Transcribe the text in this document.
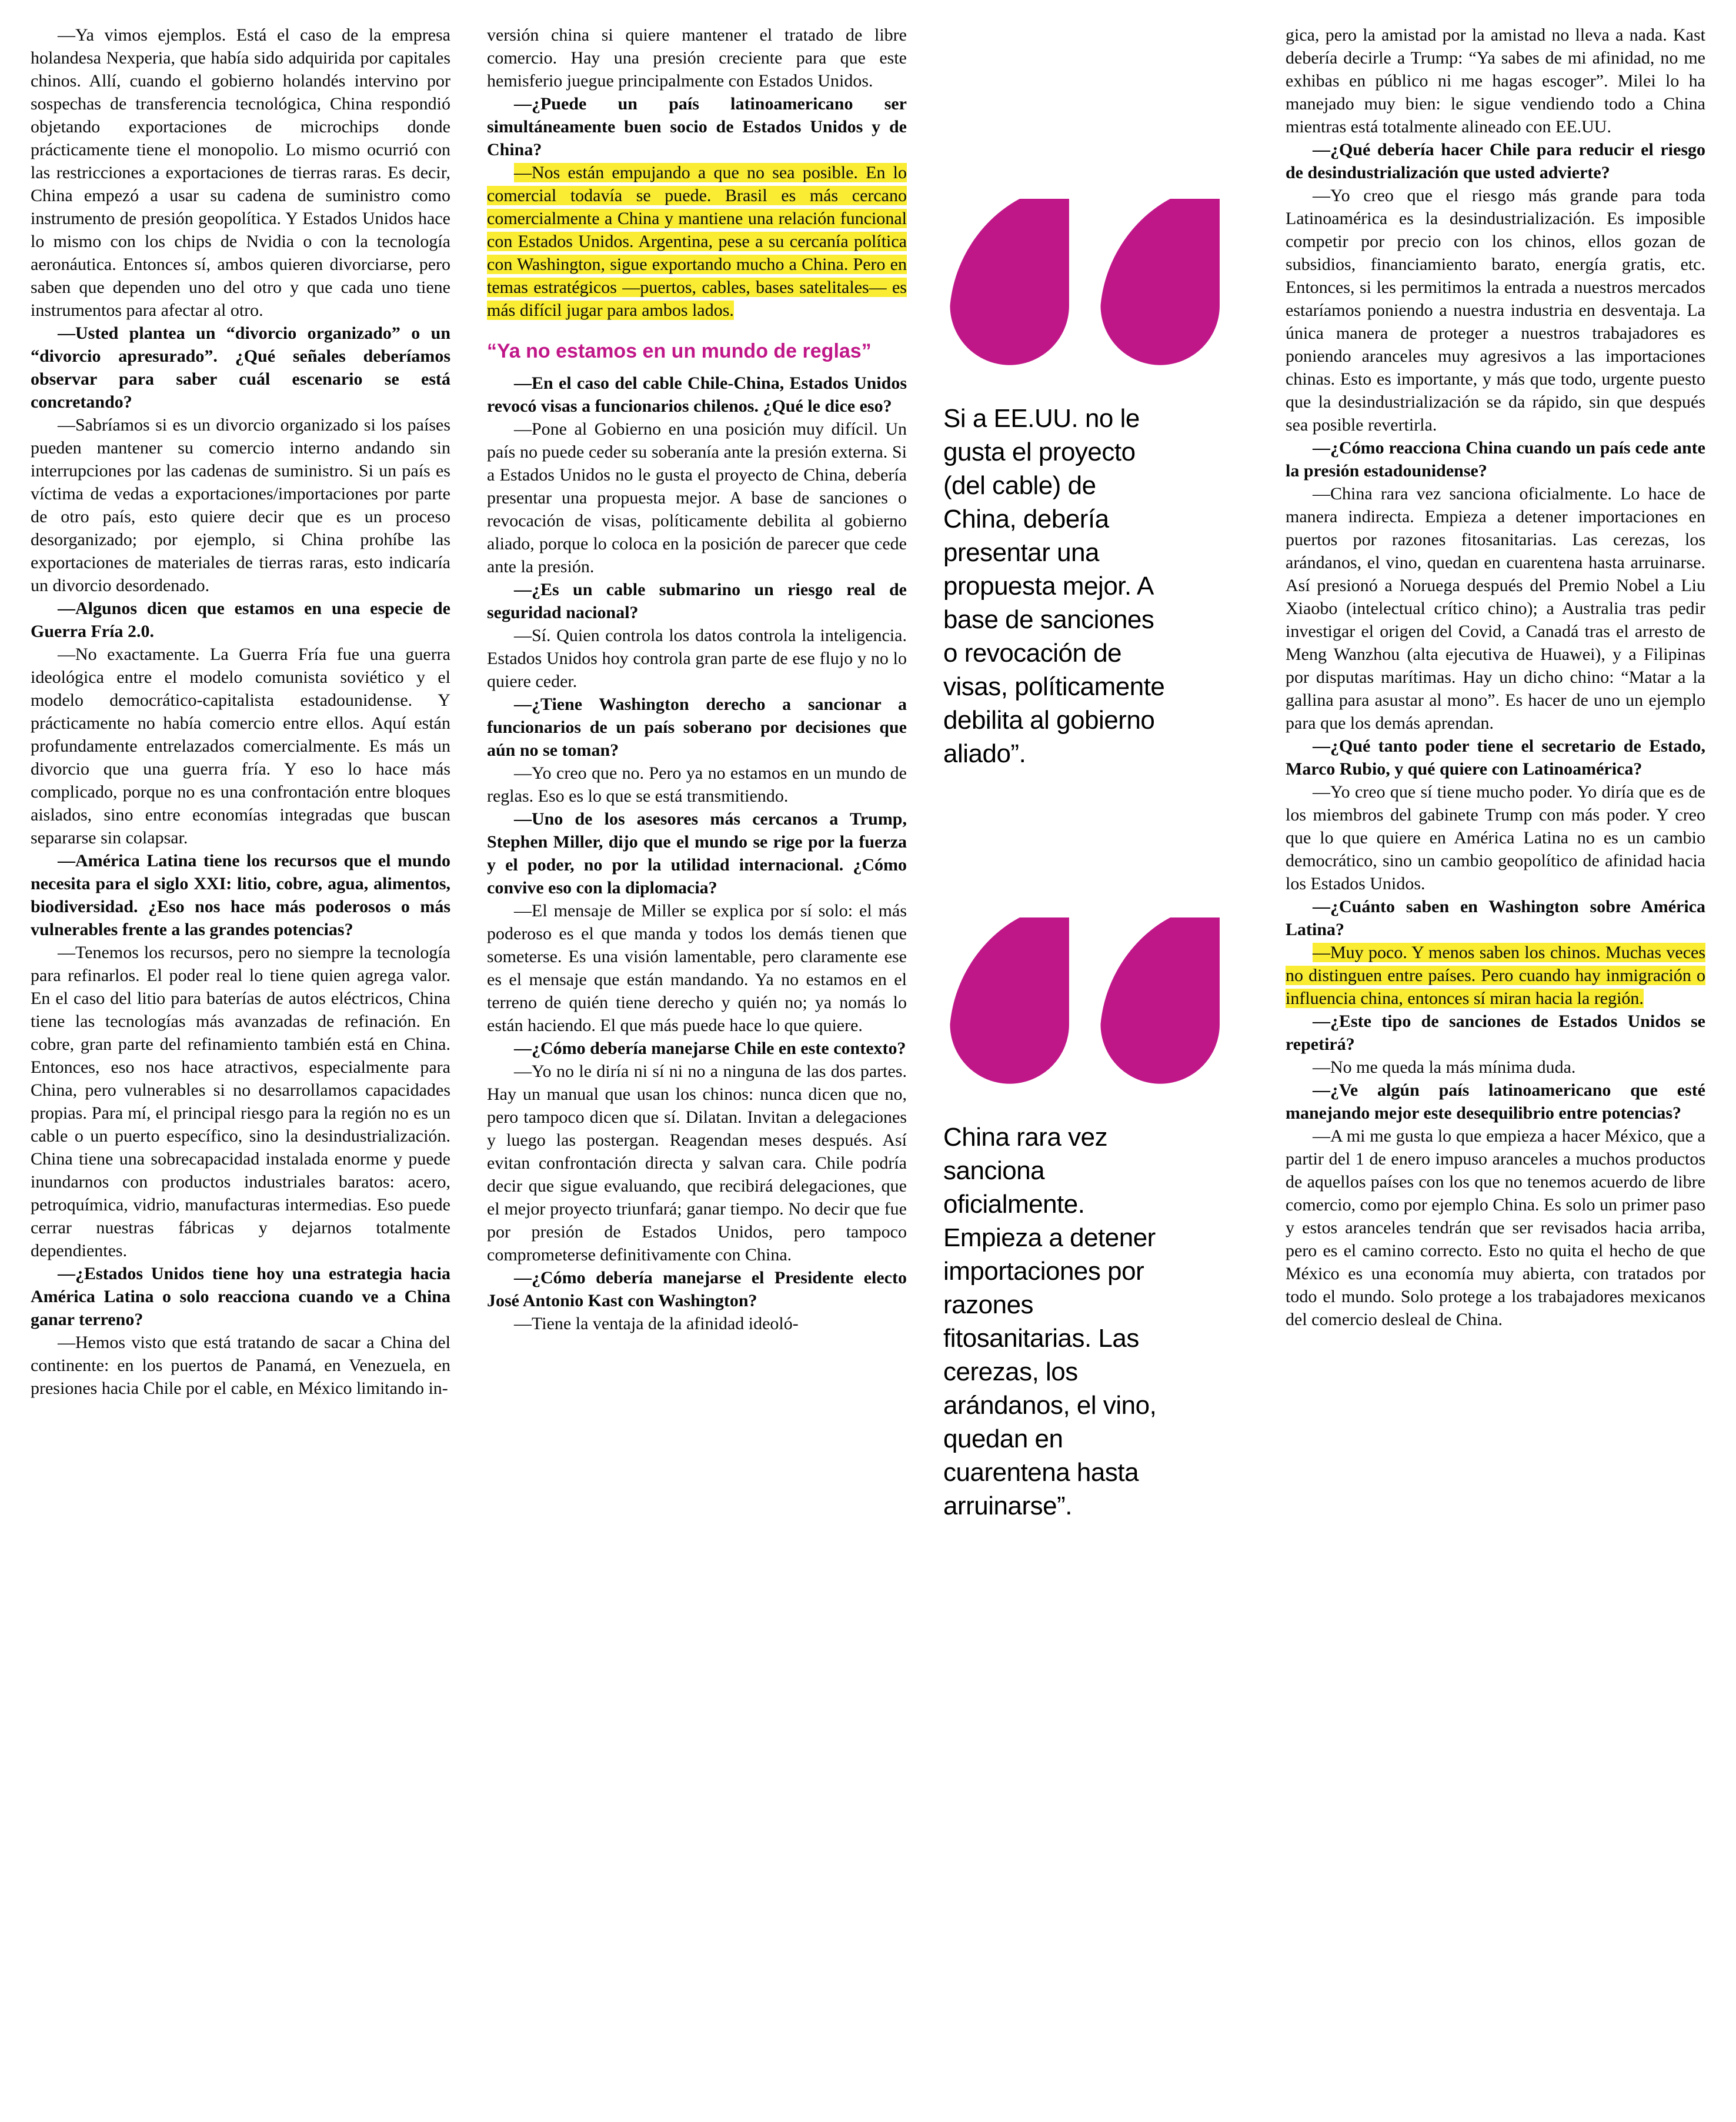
—Ya vimos ejemplos. Está el caso de la empresa holandesa Nexperia, que había sido adquirida por capitales chinos. Allí, cuando el gobierno holandés intervino por sospechas de transferencia tecnológica, China respondió objetando exportaciones de microchips donde prácticamente tiene el monopolio. Lo mismo ocurrió con las restricciones a exportaciones de tierras raras. Es decir, China empezó a usar su cadena de suministro como instrumento de presión geopolítica. Y Estados Unidos hace lo mismo con los chips de Nvidia o con la tecnología aeronáutica. Entonces sí, ambos quieren divorciarse, pero saben que dependen uno del otro y que cada uno tiene instrumentos para afectar al otro.

—Usted plantea un “divorcio organizado” o un “divorcio apresurado”. ¿Qué señales deberíamos observar para saber cuál escenario se está concretando?

—Sabríamos si es un divorcio organizado si los países pueden mantener su comercio interno andando sin interrupciones por las cadenas de suministro. Si un país es víctima de vedas a exportaciones/importaciones por parte de otro país, esto quiere decir que es un proceso desorganizado; por ejemplo, si China prohíbe las exportaciones de materiales de tierras raras, esto indicaría un divorcio desordenado.

—Algunos dicen que estamos en una especie de Guerra Fría 2.0.

—No exactamente. La Guerra Fría fue una guerra ideológica entre el modelo comunista soviético y el modelo democrático-capitalista estadounidense. Y prácticamente no había comercio entre ellos. Aquí están profundamente entrelazados comercialmente. Es más un divorcio que una guerra fría. Y eso lo hace más complicado, porque no es una confrontación entre bloques aislados, sino entre economías integradas que buscan separarse sin colapsar.

—América Latina tiene los recursos que el mundo necesita para el siglo XXI: litio, cobre, agua, alimentos, biodiversidad. ¿Eso nos hace más poderosos o más vulnerables frente a las grandes potencias?

—Tenemos los recursos, pero no siempre la tecnología para refinarlos. El poder real lo tiene quien agrega valor. En el caso del litio para baterías de autos eléctricos, China tiene las tecnologías más avanzadas de refinación. En cobre, gran parte del refinamiento también está en China. Entonces, eso nos hace atractivos, especialmente para China, pero vulnerables si no desarrollamos capacidades propias. Para mí, el principal riesgo para la región no es un cable o un puerto específico, sino la desindustrialización. China tiene una sobrecapacidad instalada enorme y puede inundarnos con productos industriales baratos: acero, petroquímica, vidrio, manufacturas intermedias. Eso puede cerrar nuestras fábricas y dejarnos totalmente dependientes.

—¿Estados Unidos tiene hoy una estrategia hacia América Latina o solo reacciona cuando ve a China ganar terreno?

—Hemos visto que está tratando de sacar a China del continente: en los puertos de Panamá, en Venezuela, en presiones hacia Chile por el cable, en México limitando in-

versión china si quiere mantener el tratado de libre comercio. Hay una presión creciente para que este hemisferio juegue principalmente con Estados Unidos.

—¿Puede un país latinoamericano ser simultáneamente buen socio de Estados Unidos y de China?

—Nos están empujando a que no sea posible. En lo comercial todavía se puede. Brasil es más cercano comercialmente a China y mantiene una relación funcional con Estados Unidos. Argentina, pese a su cercanía política con Washington, sigue exportando mucho a China. Pero en temas estratégicos —puertos, cables, bases satelitales— es más difícil jugar para ambos lados.

“Ya no estamos en un mundo de reglas”

—En el caso del cable Chile-China, Estados Unidos revocó visas a funcionarios chilenos. ¿Qué le dice eso?

—Pone al Gobierno en una posición muy difícil. Un país no puede ceder su soberanía ante la presión externa. Si a Estados Unidos no le gusta el proyecto de China, debería presentar una propuesta mejor. A base de sanciones o revocación de visas, políticamente debilita al gobierno aliado, porque lo coloca en la posición de parecer que cede ante la presión.

—¿Es un cable submarino un riesgo real de seguridad nacional?

—Sí. Quien controla los datos controla la inteligencia. Estados Unidos hoy controla gran parte de ese flujo y no lo quiere ceder.

—¿Tiene Washington derecho a sancionar a funcionarios de un país soberano por decisiones que aún no se toman?

—Yo creo que no. Pero ya no estamos en un mundo de reglas. Eso es lo que se está transmitiendo.

—Uno de los asesores más cercanos a Trump, Stephen Miller, dijo que el mundo se rige por la fuerza y el poder, no por la utilidad internacional. ¿Cómo convive eso con la diplomacia?

—El mensaje de Miller se explica por sí solo: el más poderoso es el que manda y todos los demás tienen que someterse. Es una visión lamentable, pero claramente ese es el mensaje que están mandando. Ya no estamos en el terreno de quién tiene derecho y quién no; ya nomás lo están haciendo. El que más puede hace lo que quiere.

—¿Cómo debería manejarse Chile en este contexto?

—Yo no le diría ni sí ni no a ninguna de las dos partes. Hay un manual que usan los chinos: nunca dicen que no, pero tampoco dicen que sí. Dilatan. Invitan a delegaciones y luego las postergan. Reagendan meses después. Así evitan confrontación directa y salvan cara. Chile podría decir que sigue evaluando, que recibirá delegaciones, que el mejor proyecto triunfará; ganar tiempo. No decir que fue por presión de Estados Unidos, pero tampoco comprometerse definitivamente con China.

—¿Cómo debería manejarse el Presidente electo José Antonio Kast con Washington?

—Tiene la ventaja de la afinidad ideoló-

Si a EE.UU. no le gusta el proyecto (del cable) de China, debería presentar una propuesta mejor. A base de sanciones o revocación de visas, políticamente debilita al gobierno aliado”.
China rara vez sanciona oficialmente. Empieza a detener importaciones por razones fitosanitarias. Las cerezas, los arándanos, el vino, quedan en cuarentena hasta arruinarse”.

gica, pero la amistad por la amistad no lleva a nada. Kast debería decirle a Trump: “Ya sabes de mi afinidad, no me exhibas en público ni me hagas escoger”. Milei lo ha manejado muy bien: le sigue vendiendo todo a China mientras está totalmente alineado con EE.UU.

—¿Qué debería hacer Chile para reducir el riesgo de desindustrialización que usted advierte?

—Yo creo que el riesgo más grande para toda Latinoamérica es la desindustrialización. Es imposible competir por precio con los chinos, ellos gozan de subsidios, financiamiento barato, energía gratis, etc. Entonces, si les permitimos la entrada a nuestros mercados estaríamos poniendo a nuestra industria en desventaja. La única manera de proteger a nuestros trabajadores es poniendo aranceles muy agresivos a las importaciones chinas. Esto es importante, y más que todo, urgente puesto que la desindustrialización se da rápido, sin que después sea posible revertirla.

—¿Cómo reacciona China cuando un país cede ante la presión estadounidense?

—China rara vez sanciona oficialmente. Lo hace de manera indirecta. Empieza a detener importaciones en puertos por razones fitosanitarias. Las cerezas, los arándanos, el vino, quedan en cuarentena hasta arruinarse. Así presionó a Noruega después del Premio Nobel a Liu Xiaobo (intelectual crítico chino); a Australia tras pedir investigar el origen del Covid, a Canadá tras el arresto de Meng Wanzhou (alta ejecutiva de Huawei), y a Filipinas por disputas marítimas. Hay un dicho chino: “Matar a la gallina para asustar al mono”. Es hacer de uno un ejemplo para que los demás aprendan.

—¿Qué tanto poder tiene el secretario de Estado, Marco Rubio, y qué quiere con Latinoamérica?

—Yo creo que sí tiene mucho poder. Yo diría que es de los miembros del gabinete Trump con más poder. Y creo que lo que quiere en América Latina no es un cambio democrático, sino un cambio geopolítico de afinidad hacia los Estados Unidos.

—¿Cuánto saben en Washington sobre América Latina?

—Muy poco. Y menos saben los chinos. Muchas veces no distinguen entre países. Pero cuando hay inmigración o influencia china, entonces sí miran hacia la región.

—¿Este tipo de sanciones de Estados Unidos se repetirá?

—No me queda la más mínima duda.

—¿Ve algún país latinoamericano que esté manejando mejor este desequilibrio entre potencias?

—A mi me gusta lo que empieza a hacer México, que a partir del 1 de enero impuso aranceles a muchos productos de aquellos países con los que no tenemos acuerdo de libre comercio, como por ejemplo China. Es solo un primer paso y estos aranceles tendrán que ser revisados hacia arriba, pero es el camino correcto. Esto no quita el hecho de que México es una economía muy abierta, con tratados por todo el mundo. Solo protege a los trabajadores mexicanos del comercio desleal de China.
